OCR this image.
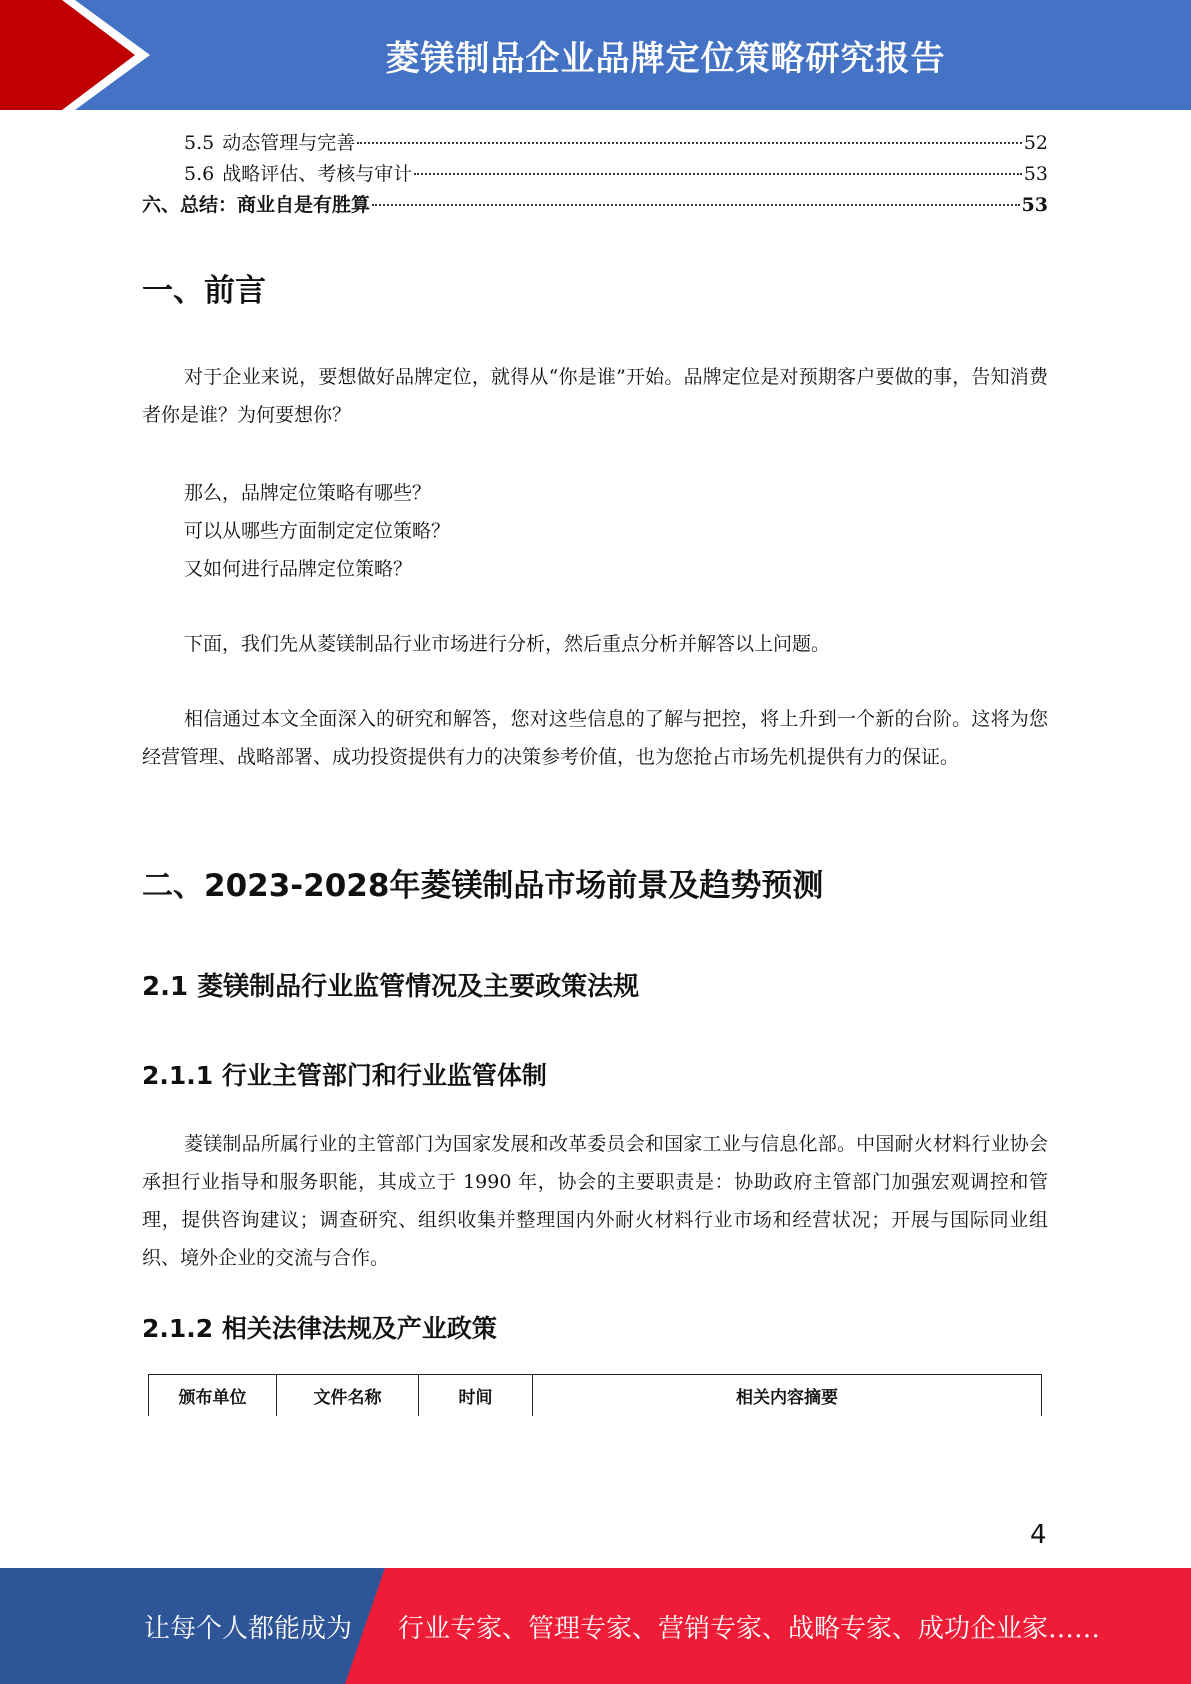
菱镁制品企业品牌定位策略研究报告
5.5 动态管理与完善	52
5.6 战略评估、考核与审计	53
六、总结：商业自是有胜算	53
一、前言

对于企业来说，要想做好品牌定位，就得从“你是谁”开始。品牌定位是对预期客户要做的事，告知消费者你是谁？为何要想你？

那么，品牌定位策略有哪些？

可以从哪些方面制定定位策略？

又如何进行品牌定位策略？

下面，我们先从菱镁制品行业市场进行分析，然后重点分析并解答以上问题。

相信通过本文全面深入的研究和解答，您对这些信息的了解与把控，将上升到一个新的台阶。这将为您经营管理、战略部署、成功投资提供有力的决策参考价值，也为您抢占市场先机提供有力的保证。

二、2023-2028年菱镁制品市场前景及趋势预测
2.1 菱镁制品行业监管情况及主要政策法规
2.1.1 行业主管部门和行业监管体制

菱镁制品所属行业的主管部门为国家发展和改革委员会和国家工业与信息化部。中国耐火材料行业协会承担行业指导和服务职能，其成立于 1990 年，协会的主要职责是：协助政府主管部门加强宏观调控和管理，提供咨询建议；调查研究、组织收集并整理国内外耐火材料行业市场和经营状况；开展与国际同业组织、境外企业的交流与合作。

2.1.2 相关法律法规及产业政策
颁布单位	文件名称	时间	相关内容摘要
4
让每个人都能成为 行业专家、管理专家、营销专家、战略专家、成功企业家……
